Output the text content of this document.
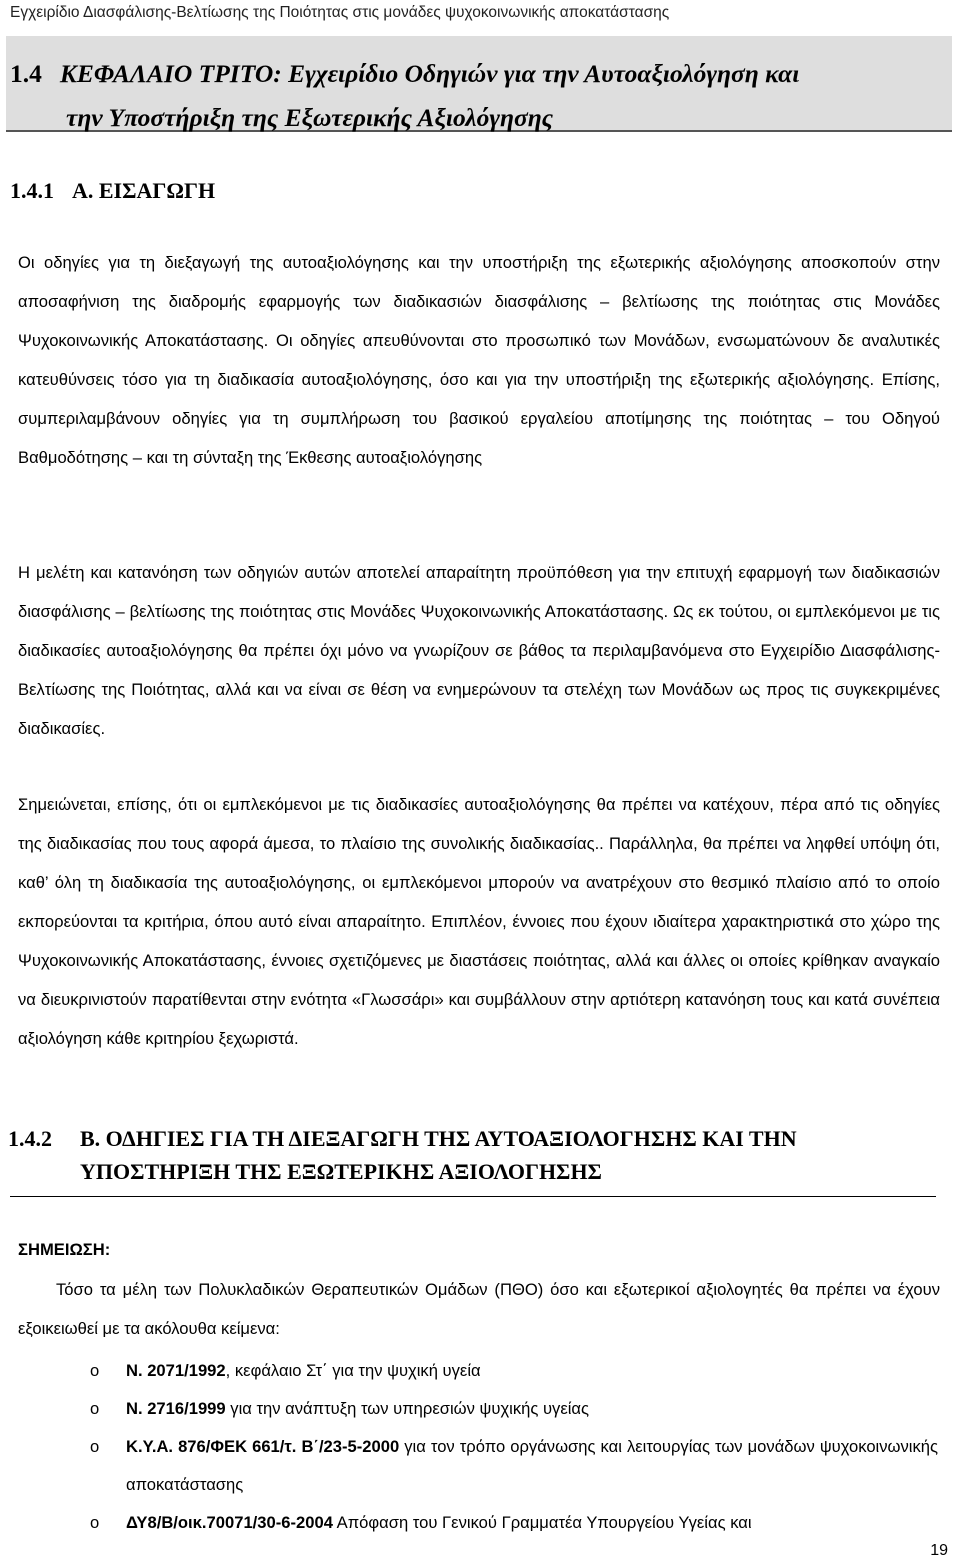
Εγχειρίδιο Διασφάλισης-Βελτίωσης της Ποιότητας στις μονάδες ψυχοκοινωνικής αποκατάστασης
1.4 ΚΕΦΑΛΑΙΟ ΤΡΙΤΟ: Εγχειρίδιο Οδηγιών για την Αυτοαξιολόγηση και
την Υποστήριξη της Εξωτερικής Αξιολόγησης
1.4.1 Α. ΕΙΣΑΓΩΓΗ

Οι οδηγίες για τη διεξαγωγή της αυτοαξιολόγησης και την υποστήριξη της εξωτερικής αξιολόγησης αποσκοπούν στην αποσαφήνιση της διαδρομής εφαρμογής των διαδικασιών διασφάλισης – βελτίωσης της ποιότητας στις Μονάδες Ψυχοκοινωνικής Αποκατάστασης. Οι οδηγίες απευθύνονται στο προσωπικό των Μονάδων, ενσωματώνουν δε αναλυτικές κατευθύνσεις τόσο για τη διαδικασία αυτοαξιολόγησης, όσο και για την υποστήριξη της εξωτερικής αξιολόγησης. Επίσης, συμπεριλαμβάνουν οδηγίες για τη συμπλήρωση του βασικού εργαλείου αποτίμησης της ποιότητας – του Οδηγού Βαθμοδότησης – και τη σύνταξη της Έκθεσης αυτοαξιολόγησης

Η μελέτη και κατανόηση των οδηγιών αυτών αποτελεί απαραίτητη προϋπόθεση για την επιτυχή εφαρμογή των διαδικασιών διασφάλισης – βελτίωσης της ποιότητας στις Μονάδες Ψυχοκοινωνικής Αποκατάστασης. Ως εκ τούτου, οι εμπλεκόμενοι με τις διαδικασίες αυτοαξιολόγησης θα πρέπει όχι μόνο να γνωρίζουν σε βάθος τα περιλαμβανόμενα στο Εγχειρίδιο Διασφάλισης- Βελτίωσης της Ποιότητας, αλλά και να είναι σε θέση να ενημερώνουν τα στελέχη των Μονάδων ως προς τις συγκεκριμένες διαδικασίες.

Σημειώνεται, επίσης, ότι οι εμπλεκόμενοι με τις διαδικασίες αυτοαξιολόγησης θα πρέπει να κατέχουν, πέρα από τις οδηγίες της διαδικασίας που τους αφορά άμεσα, το πλαίσιο της συνολικής διαδικασίας.. Παράλληλα, θα πρέπει να ληφθεί υπόψη ότι, καθ’ όλη τη διαδικασία της αυτοαξιολόγησης, οι εμπλεκόμενοι μπορούν να ανατρέχουν στο θεσμικό πλαίσιο από το οποίο εκπορεύονται τα κριτήρια, όπου αυτό είναι απαραίτητο. Επιπλέον, έννοιες που έχουν ιδιαίτερα χαρακτηριστικά στο χώρο της Ψυχοκοινωνικής Αποκατάστασης, έννοιες σχετιζόμενες με διαστάσεις ποιότητας, αλλά και άλλες οι οποίες κρίθηκαν αναγκαίο να διευκρινιστούν παρατίθενται στην ενότητα «Γλωσσάρι» και συμβάλλουν στην αρτιότερη κατανόηση τους και κατά συνέπεια αξιολόγηση κάθε κριτηρίου ξεχωριστά.

1.4.2 Β. ΟΔΗΓΙΕΣ ΓΙΑ ΤΗ ΔΙΕΞΑΓΩΓΗ ΤΗΣ ΑΥΤΟΑΞΙΟΛΟΓΗΣΗΣ ΚΑΙ ΤΗΝ
ΥΠΟΣΤΗΡΙΞΗ ΤΗΣ ΕΞΩΤΕΡΙΚΗΣ ΑΞΙΟΛΟΓΗΣΗΣ

ΣΗΜΕΙΩΣΗ:

Τόσο τα μέλη των Πολυκλαδικών Θεραπευτικών Ομάδων (ΠΘΟ) όσο και εξωτερικοί αξιολογητές θα πρέπει να έχουν εξοικειωθεί με τα ακόλουθα κείμενα:

o Ν. 2071/1992, κεφάλαιο Στ΄ για την ψυχική υγεία
o Ν. 2716/1999 για την ανάπτυξη των υπηρεσιών ψυχικής υγείας
o Κ.Υ.Α. 876/ΦΕΚ 661/τ. Β΄/23-5-2000 για τον τρόπο οργάνωσης και λειτουργίας των μονάδων ψυχοκοινωνικής αποκατάστασης
o ΔΥ8/Β/οικ.70071/30-6-2004 Απόφαση του Γενικού Γραμματέα Υπουργείου Υγείας και
19
